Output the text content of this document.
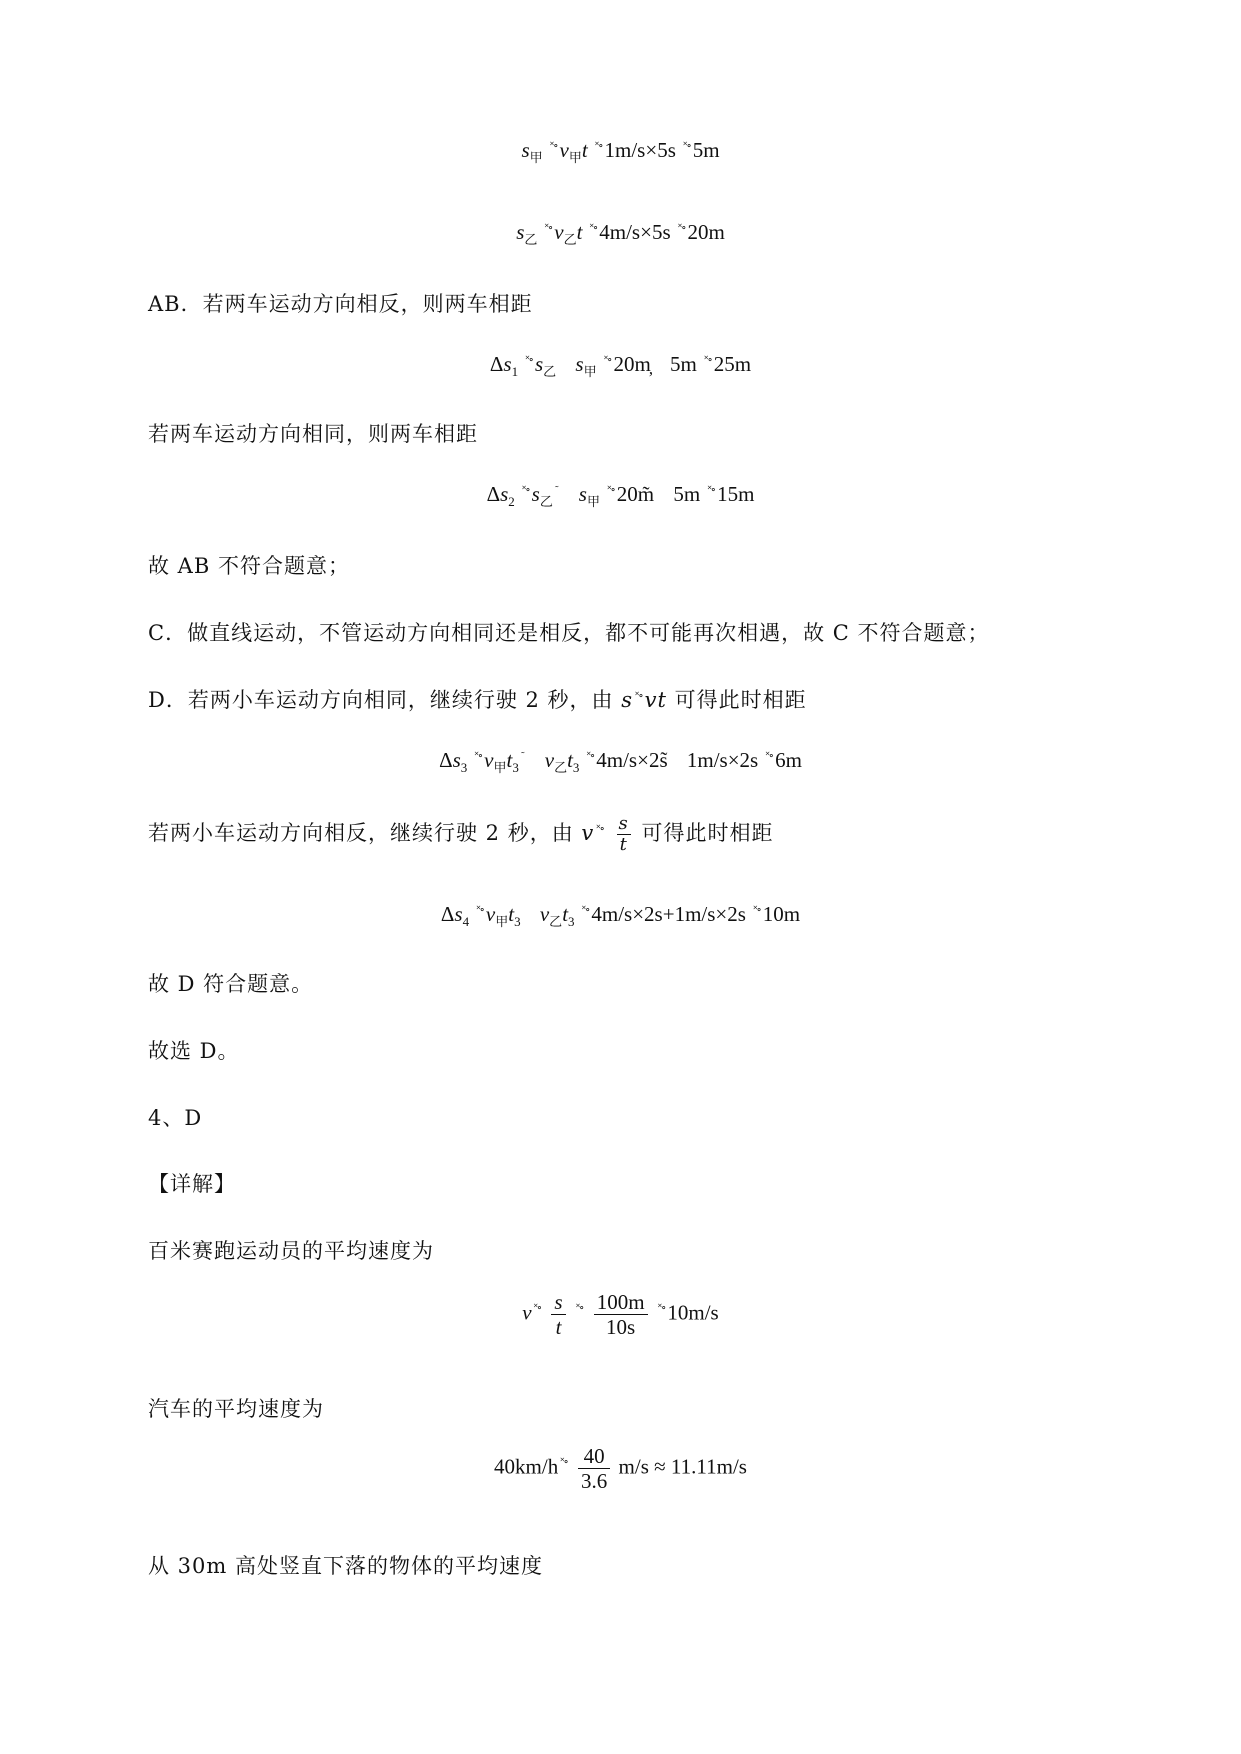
$s_甲$ $^{˟\circ}v_甲t$ ˟∘1m/s×5s ˟∘5m
$s_乙$ $^{˟\circ}v_乙t$ ˟∘4m/s×5s ˟∘20m
AB．若两车运动方向相反，则两车相距
$\Delta s_1$ $^{˟\circ}s_乙$ $s_甲$ ˟∘20m̦ 5m ˟∘25m
若两车运动方向相同，则两车相距
$\Delta s_2$ $^{˟\circ}s_乙^˜$ $s_甲$ ˟∘20m̃ 5m ˟∘15m
故 AB 不符合题意；
C．做直线运动，不管运动方向相同还是相反，都不可能再次相遇，故 C 不符合题意；
D．若两小车运动方向相同，继续行驶 2 秒，由 s ˟∘vt 可得此时相距
$\Delta s_3$ $^{˟\circ}v_甲t_3^˜$ $v_乙t_3$ ˟∘4m/s×2s̃ 1m/s×2s ˟∘6m
若两小车运动方向相反，继续行驶 2 秒，由 v $^{˟\circ} \frac{s}{t}$ 可得此时相距
$\Delta s_4$ $^{˟\circ}v_甲t_3$ $v_乙t_3$ ˟∘4m/s×2s+1m/s×2s ˟∘10m
故 D 符合题意。
故选 D。
4、D
【详解】
百米赛跑运动员的平均速度为
v $^{˟\circ} \frac{s}{t} ^{˟\circ} \frac{100m}{10s} ^{˟\circ}10m/s$
汽车的平均速度为
40km/h $^{˟\circ} \frac{40}{3.6} m/s \approx 11.11m/s$
从 30m 高处竖直下落的物体的平均速度
